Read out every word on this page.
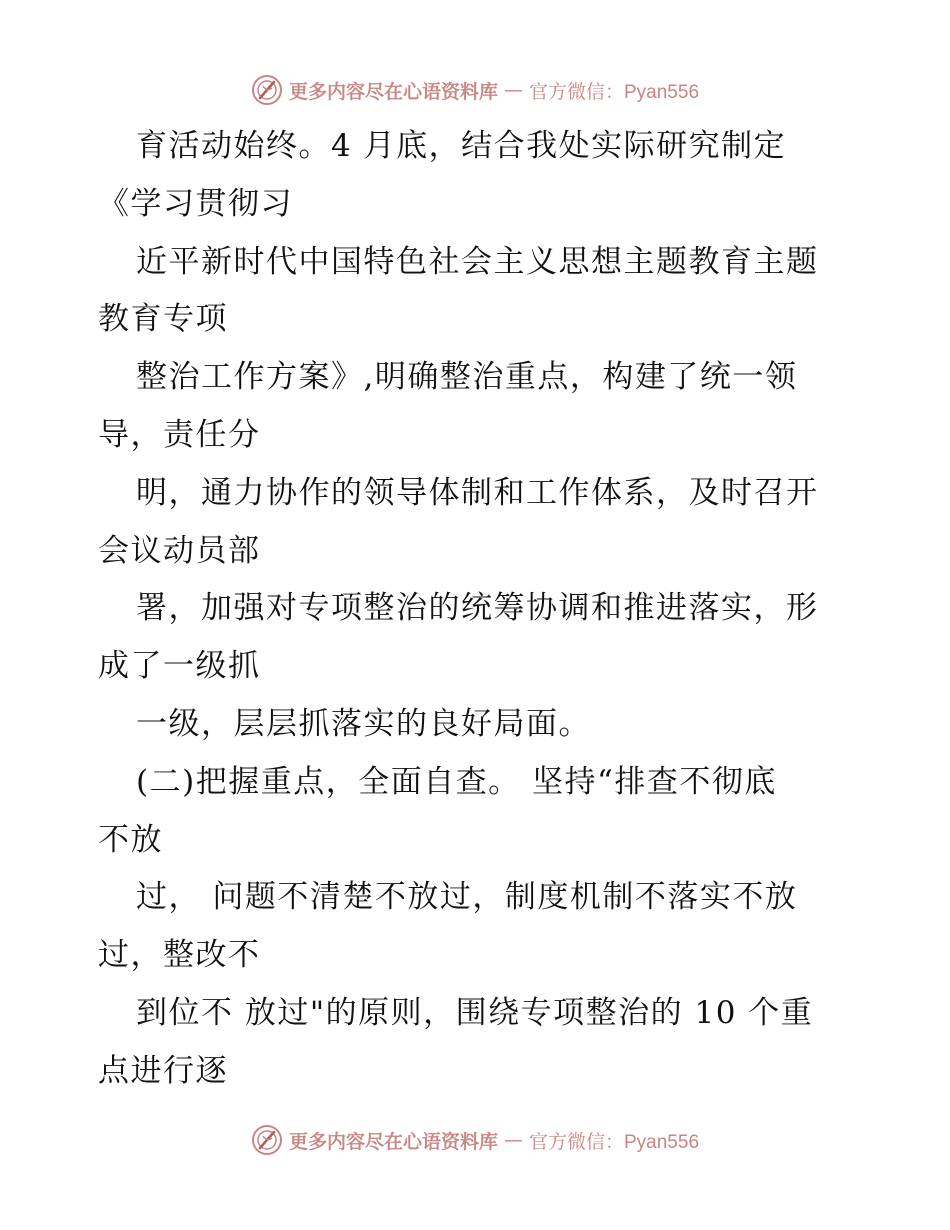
更多内容尽在心语资料库 — 官方微信：Pyan556
育活动始终。4 月底，结合我处实际研究制定
《学习贯彻习
近平新时代中国特色社会主义思想主题教育主题
教育专项
整治工作方案》,明确整治重点，构建了统一领
导，责任分
明，通力协作的领导体制和工作体系，及时召开
会议动员部
署，加强对专项整治的统筹协调和推进落实，形
成了一级抓
一级，层层抓落实的良好局面。
(二)把握重点，全面自查。 坚持“排查不彻底
不放
过， 问题不清楚不放过，制度机制不落实不放
过，整改不
到位不 放过"的原则，围绕专项整治的 10 个重
点进行逐
更多内容尽在心语资料库 — 官方微信：Pyan556
